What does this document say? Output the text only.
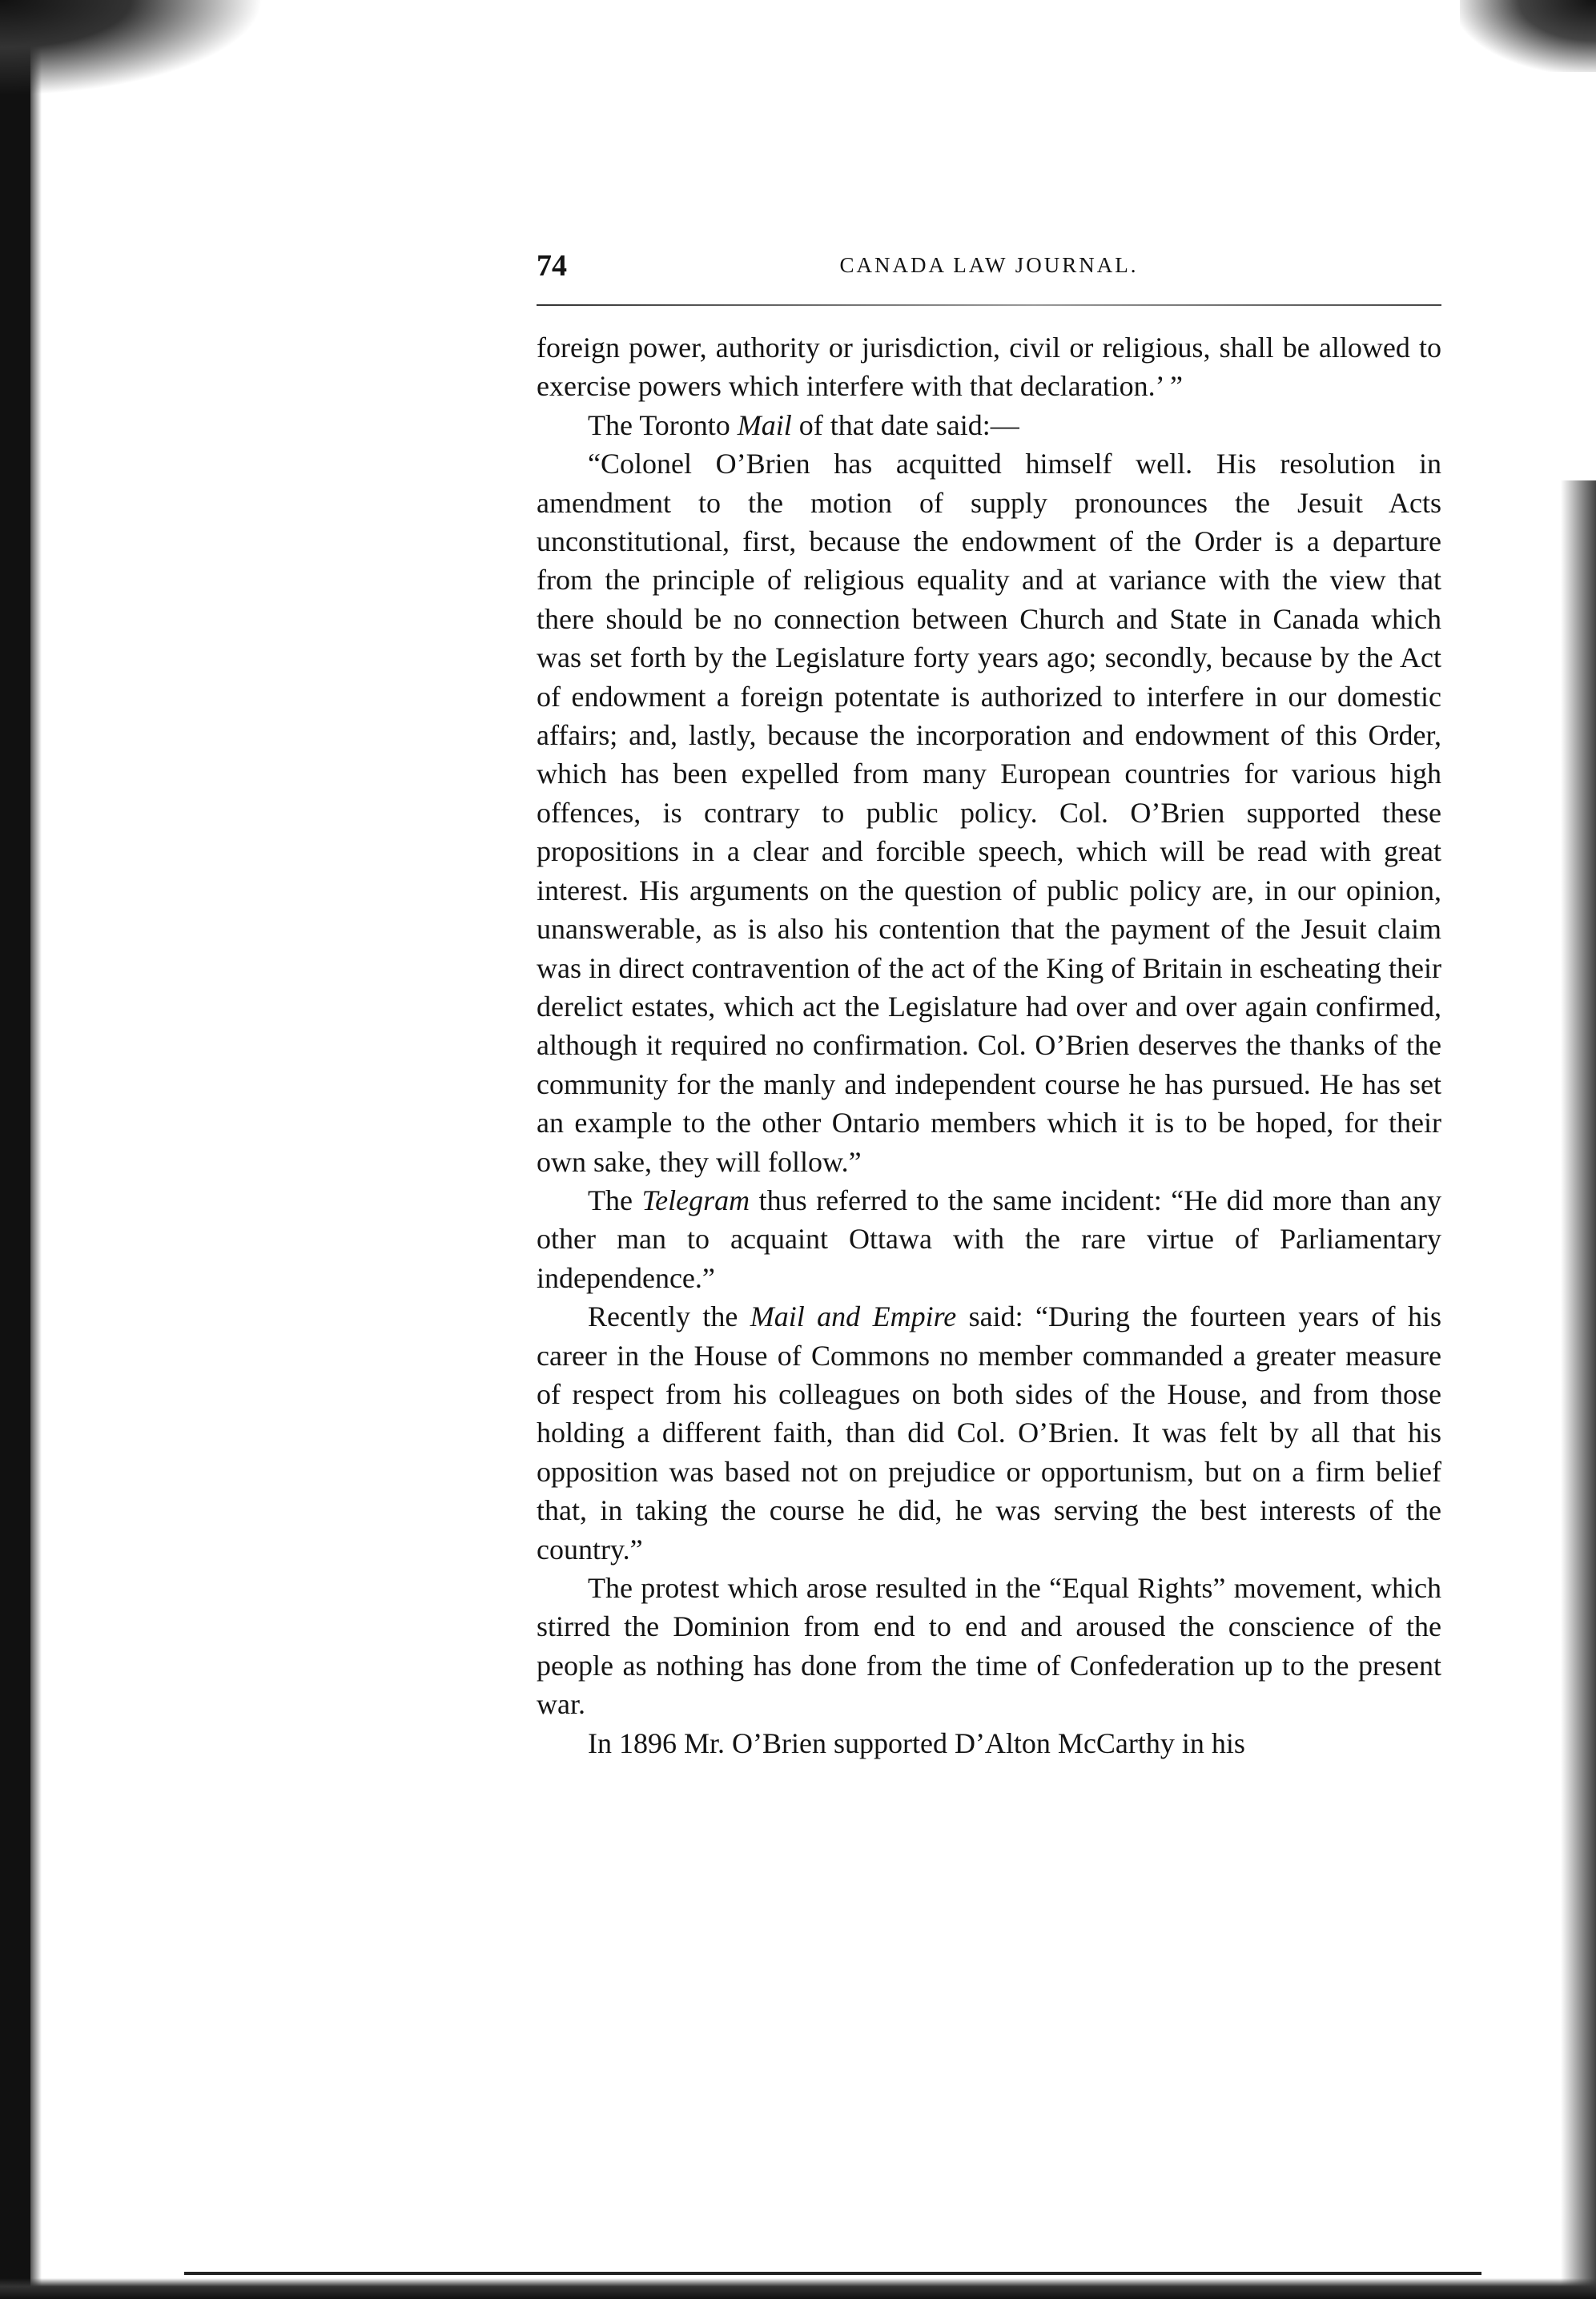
74	CANADA LAW JOURNAL.

foreign power, authority or jurisdiction, civil or religious, shall be allowed to exercise powers which interfere with that declaration.’ ”

The Toronto Mail of that date said:—

“Colonel O’Brien has acquitted himself well. His resolution in amendment to the motion of supply pronounces the Jesuit Acts unconstitutional, first, because the endowment of the Order is a departure from the principle of religious equality and at variance with the view that there should be no connection between Church and State in Canada which was set forth by the Legislature forty years ago; secondly, because by the Act of endowment a foreign potentate is authorized to interfere in our domestic affairs; and, lastly, because the incorporation and endowment of this Order, which has been expelled from many European countries for various high offences, is contrary to public policy. Col. O’Brien supported these propositions in a clear and forcible speech, which will be read with great interest. His arguments on the question of public policy are, in our opinion, unanswerable, as is also his contention that the payment of the Jesuit claim was in direct contravention of the act of the King of Britain in escheating their derelict estates, which act the Legislature had over and over again confirmed, although it required no confirmation. Col. O’Brien deserves the thanks of the community for the manly and independent course he has pursued. He has set an example to the other Ontario members which it is to be hoped, for their own sake, they will follow.”

The Telegram thus referred to the same incident: “He did more than any other man to acquaint Ottawa with the rare virtue of Parliamentary independence.”

Recently the Mail and Empire said: “During the fourteen years of his career in the House of Commons no member commanded a greater measure of respect from his colleagues on both sides of the House, and from those holding a different faith, than did Col. O’Brien. It was felt by all that his opposition was based not on prejudice or opportunism, but on a firm belief that, in taking the course he did, he was serving the best interests of the country.”

The protest which arose resulted in the “Equal Rights” movement, which stirred the Dominion from end to end and aroused the conscience of the people as nothing has done from the time of Confederation up to the present war.

In 1896 Mr. O’Brien supported D’Alton McCarthy in his
